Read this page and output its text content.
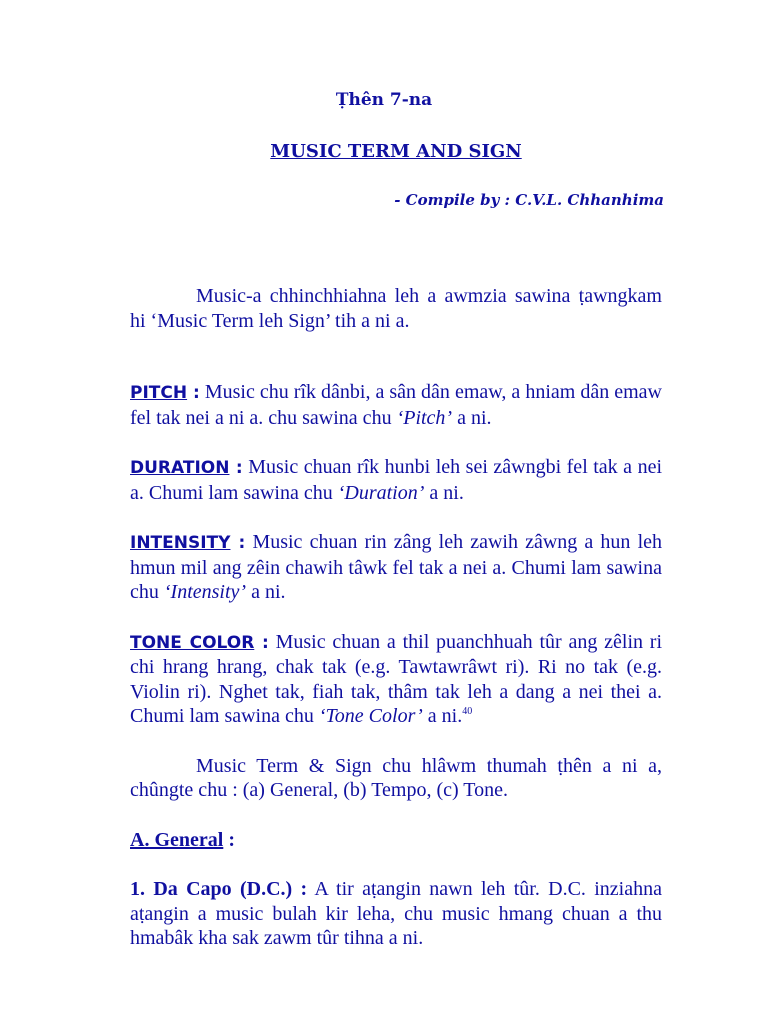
Ṭhên 7-na
MUSIC TERM AND SIGN
- Compile by : C.V.L. Chhanhima

Music-a chhinchhiahna leh a awmzia sawina ṭawngkam hi ‘Music Term leh Sign’ tih a ni a.

PITCH : Music chu rîk dânbi, a sân dân emaw, a hniam dân emaw fel tak nei a ni a. chu sawina chu ‘Pitch’ a ni.

DURATION : Music chuan rîk hunbi leh sei zâwngbi fel tak a nei a. Chumi lam sawina chu ‘Duration’ a ni.

INTENSITY : Music chuan rin zâng leh zawih zâwng a hun leh hmun mil ang zêin chawih tâwk fel tak a nei a. Chumi lam sawina chu ‘Intensity’ a ni.

TONE COLOR : Music chuan a thil puanchhuah tûr ang zêlin ri chi hrang hrang, chak tak (e.g. Tawtawrâwt ri). Ri no tak (e.g. Violin ri). Nghet tak, fiah tak, thâm tak leh a dang a nei thei a. Chumi lam sawina chu ‘Tone Color’ a ni.$^{40}$

Music Term & Sign chu hlâwm thumah ṭhên a ni a, chûngte chu : (a) General, (b) Tempo, (c) Tone.

A. General :

1. Da Capo (D.C.) : A tir aṭangin nawn leh tûr. D.C. inziahna aṭangin a music bulah kir leha, chu music hmang chuan a thu hmabâk kha sak zawm tûr tihna a ni.
